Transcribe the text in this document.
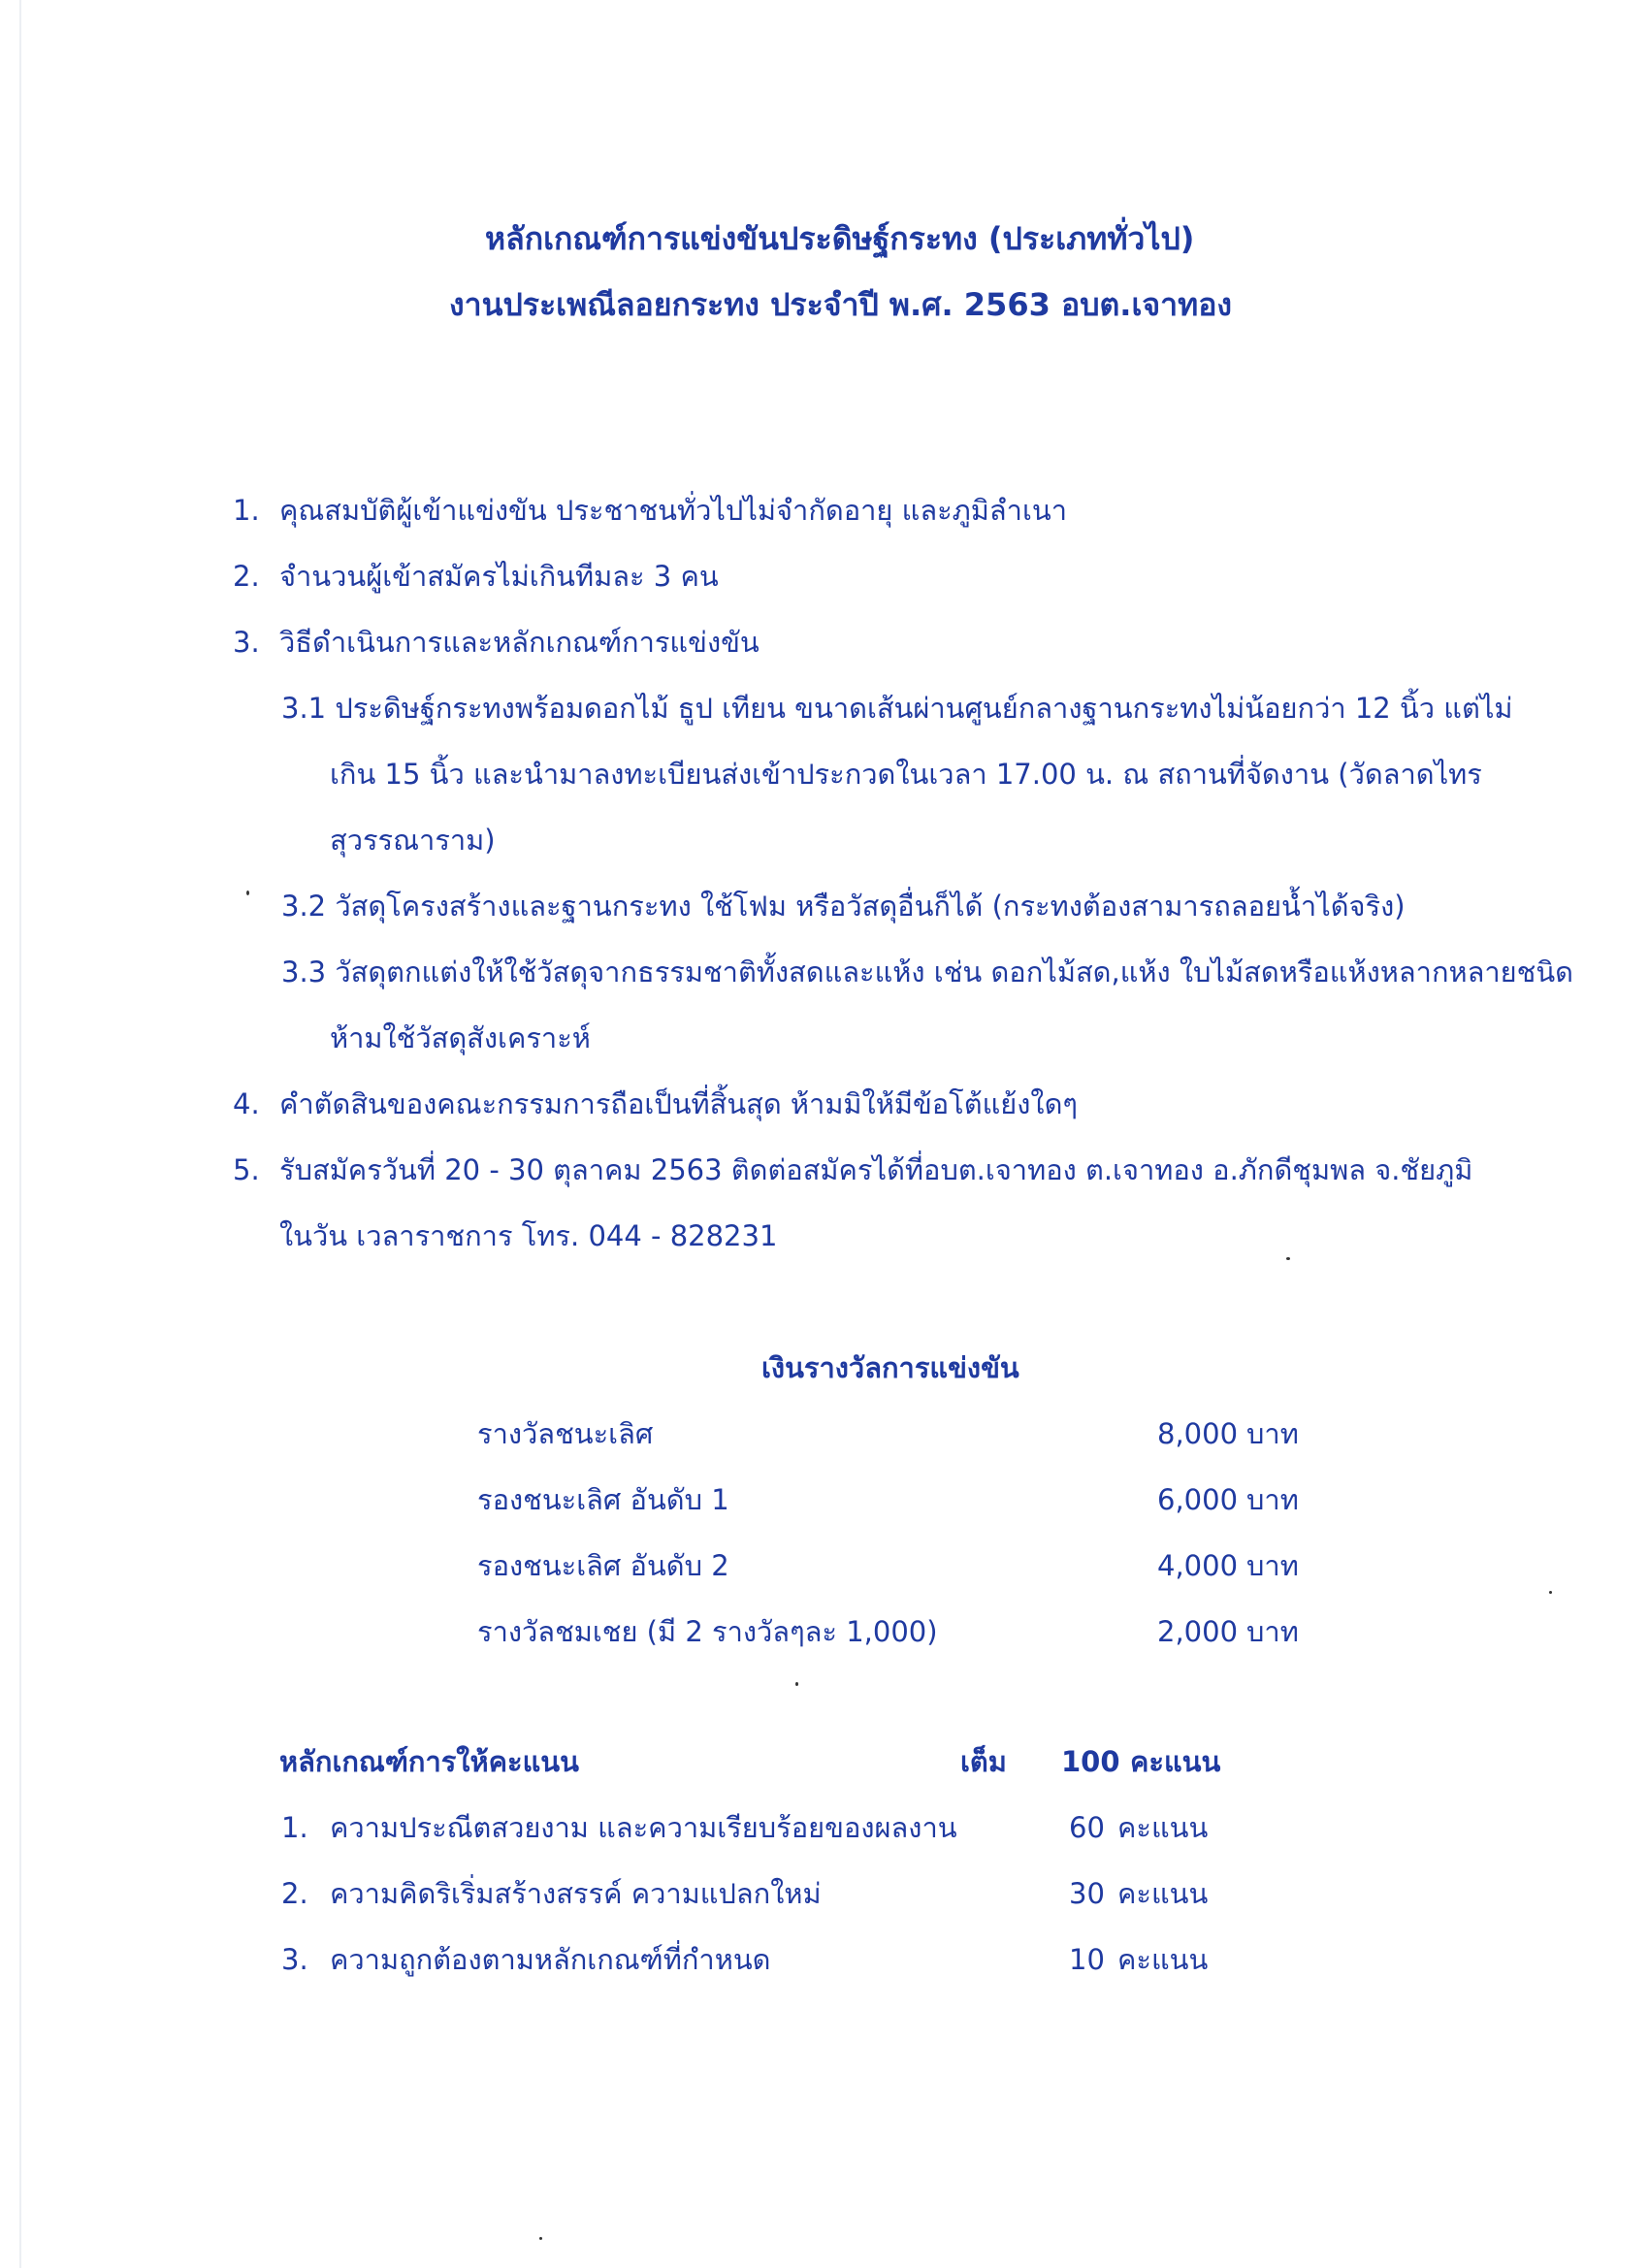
หลักเกณฑ์การแข่งขันประดิษฐ์กระทง (ประเภททั่วไป)
งานประเพณีลอยกระทง ประจำปี พ.ศ. 2563 อบต.เจาทอง
1. คุณสมบัติผู้เข้าแข่งขัน ประชาชนทั่วไปไม่จำกัดอายุ และภูมิลำเนา
2. จำนวนผู้เข้าสมัครไม่เกินทีมละ 3 คน
3. วิธีดำเนินการและหลักเกณฑ์การแข่งขัน
3.1 ประดิษฐ์กระทงพร้อมดอกไม้ ธูป เทียน ขนาดเส้นผ่านศูนย์กลางฐานกระทงไม่น้อยกว่า 12 นิ้ว แต่ไม่
เกิน 15 นิ้ว และนำมาลงทะเบียนส่งเข้าประกวดในเวลา 17.00 น. ณ สถานที่จัดงาน (วัดลาดไทร
สุวรรณาราม)
3.2 วัสดุโครงสร้างและฐานกระทง ใช้โฟม หรือวัสดุอื่นก็ได้ (กระทงต้องสามารถลอยน้ำได้จริง)
3.3 วัสดุตกแต่งให้ใช้วัสดุจากธรรมชาติทั้งสดและแห้ง เช่น ดอกไม้สด,แห้ง ใบไม้สดหรือแห้งหลากหลายชนิด
ห้ามใช้วัสดุสังเคราะห์
4. คำตัดสินของคณะกรรมการถือเป็นที่สิ้นสุด ห้ามมิให้มีข้อโต้แย้งใดๆ
5. รับสมัครวันที่ 20 - 30 ตุลาคม 2563 ติดต่อสมัครได้ที่อบต.เจาทอง ต.เจาทอง อ.ภักดีชุมพล จ.ชัยภูมิ
ในวัน เวลาราชการ โทร. 044 - 828231
เงินรางวัลการแข่งขัน
รางวัลชนะเลิศ	8,000 บาท
รองชนะเลิศ อันดับ 1	6,000 บาท
รองชนะเลิศ อันดับ 2	4,000 บาท
รางวัลชมเชย (มี 2 รางวัลๆละ 1,000)	2,000 บาท
หลักเกณฑ์การให้คะแนน	เต็ม 100 คะแนน
1. ความประณีตสวยงาม และความเรียบร้อยของผลงาน	60 คะแนน
2. ความคิดริเริ่มสร้างสรรค์ ความแปลกใหม่	30 คะแนน
3. ความถูกต้องตามหลักเกณฑ์ที่กำหนด	10 คะแนน
